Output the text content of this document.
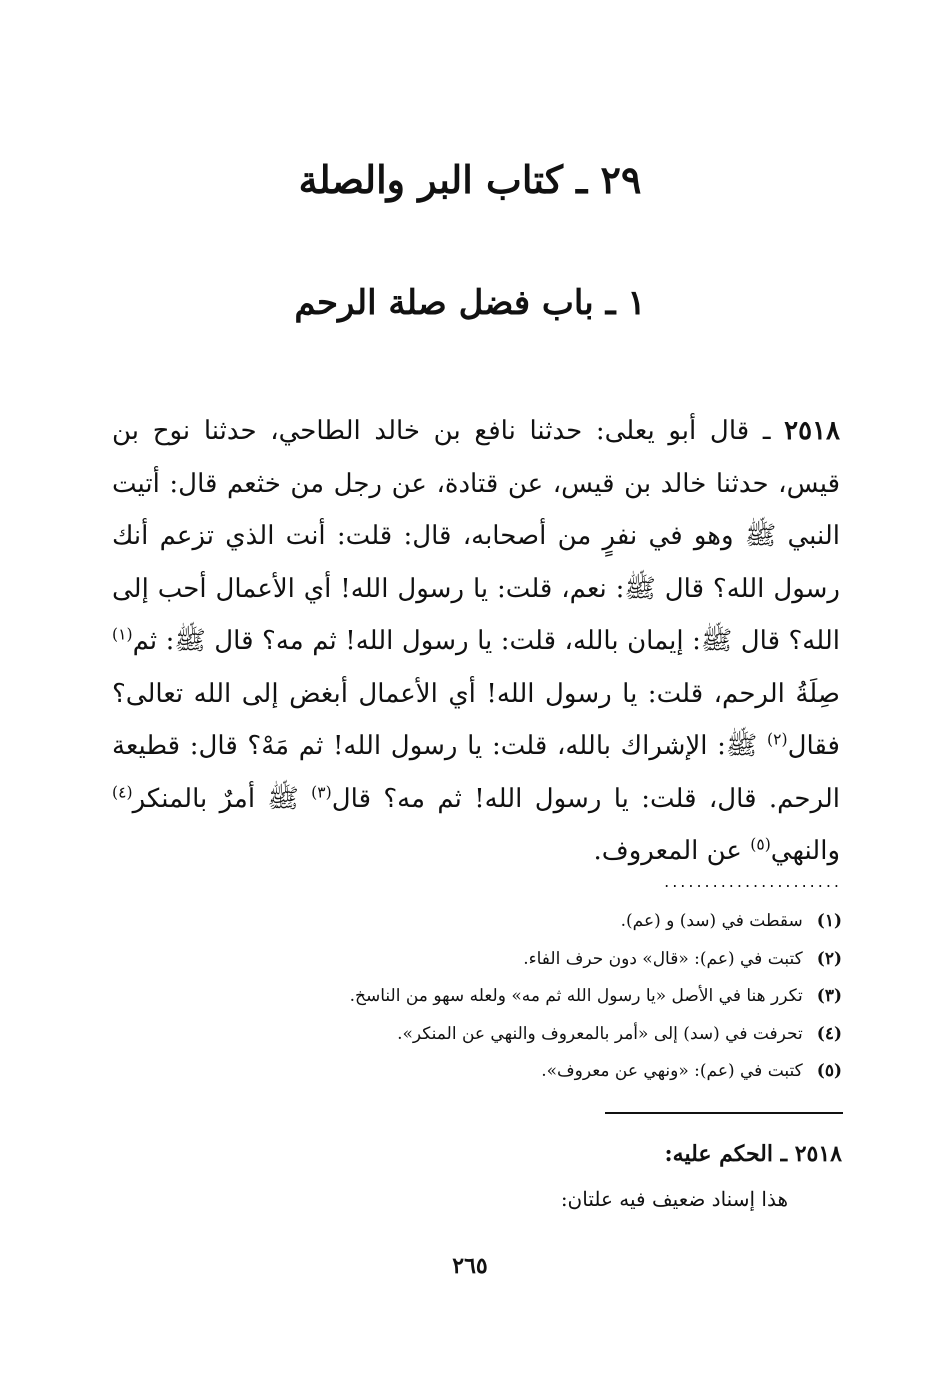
٢٩ ـ كتاب البر والصلة
١ ـ باب فضل صلة الرحم

٢٥١٨ ـ قال أبو يعلى: حدثنا نافع بن خالد الطاحي، حدثنا نوح بن قيس، حدثنا خالد بن قيس، عن قتادة، عن رجل من خثعم قال: أتيت النبي ﷺ وهو في نفرٍ من أصحابه، قال: قلت: أنت الذي تزعم أنك رسول الله؟ قال ﷺ: نعم، قلت: يا رسول الله! أي الأعمال أحب إلى الله؟ قال ﷺ: إيمان بالله، قلت: يا رسول الله! ثم مه؟ قال ﷺ: ثم$^{(١)}$ صِلَةُ الرحم، قلت: يا رسول الله! أي الأعمال أبغض إلى الله تعالى؟ فقال$^{(٢)}$ ﷺ: الإشراك بالله، قلت: يا رسول الله! ثم مَهْ؟ قال: قطيعة الرحم. قال، قلت: يا رسول الله! ثم مه؟ قال$^{(٣)}$ ﷺ أمرٌ بالمنكر$^{(٤)}$ والنهي$^{(٥)}$ عن المعروف.

......................
(١)سقطت في (سد) و (عم).
(٢)كتبت في (عم): «قال» دون حرف الفاء.
(٣)تكرر هنا في الأصل «يا رسول الله ثم مه» ولعله سهو من الناسخ.
(٤)تحرفت في (سد) إلى «أمر بالمعروف والنهي عن المنكر».
(٥)كتبت في (عم): «ونهي عن معروف».
٢٥١٨ ـ الحكم عليه:

هذا إسناد ضعيف فيه علتان:

٢٦٥
